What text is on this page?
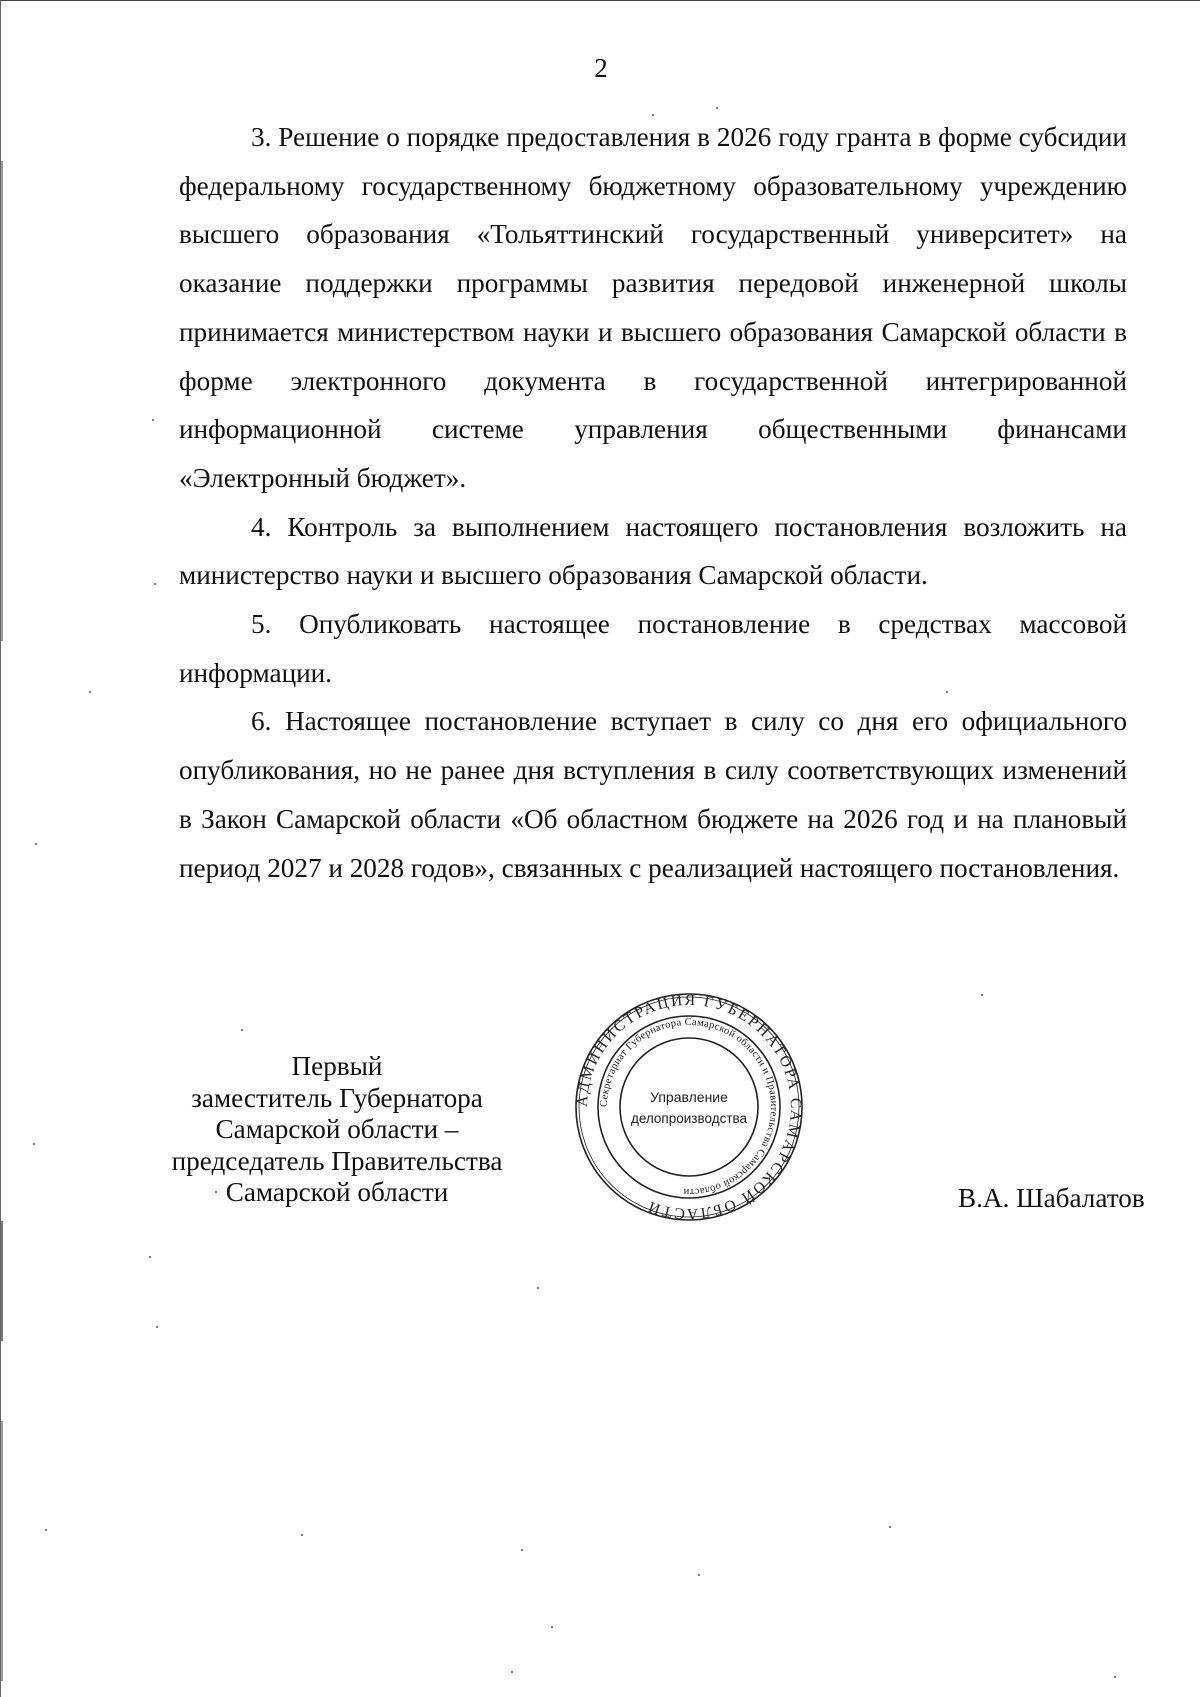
2

3. Решение о порядке предоставления в 2026 году гранта в форме субсидии федеральному государственному бюджетному образовательному учреждению высшего образования «Тольяттинский государственный университет» на оказание поддержки программы развития передовой инженерной школы принимается министерством науки и высшего образования Самарской области в форме электронного документа в государственной интегрированной информационной системе управления общественными финансами «Электронный бюджет».

4. Контроль за выполнением настоящего постановления возложить на министерство науки и высшего образования Самарской области.

5. Опубликовать настоящее постановление в средствах массовой информации.

6. Настоящее постановление вступает в силу со дня его официального опубликования, но не ранее дня вступления в силу соответствующих изменений в Закон Самарской области «Об областном бюджете на 2026 год и на плановый период 2027 и 2028 годов», связанных с реализацией настоящего постановления.

Первый
заместитель Губернатора
Самарской области –
председатель Правительства
Самарской области
АДМИНИСТРАЦИЯ ГУБЕРНАТОРА САМАРСКОЙ ОБЛАСТИ
Секретариат Губернатора Самарской области и Правительства Самарской области
Управление
делопроизводства
В.А. Шабалатов
